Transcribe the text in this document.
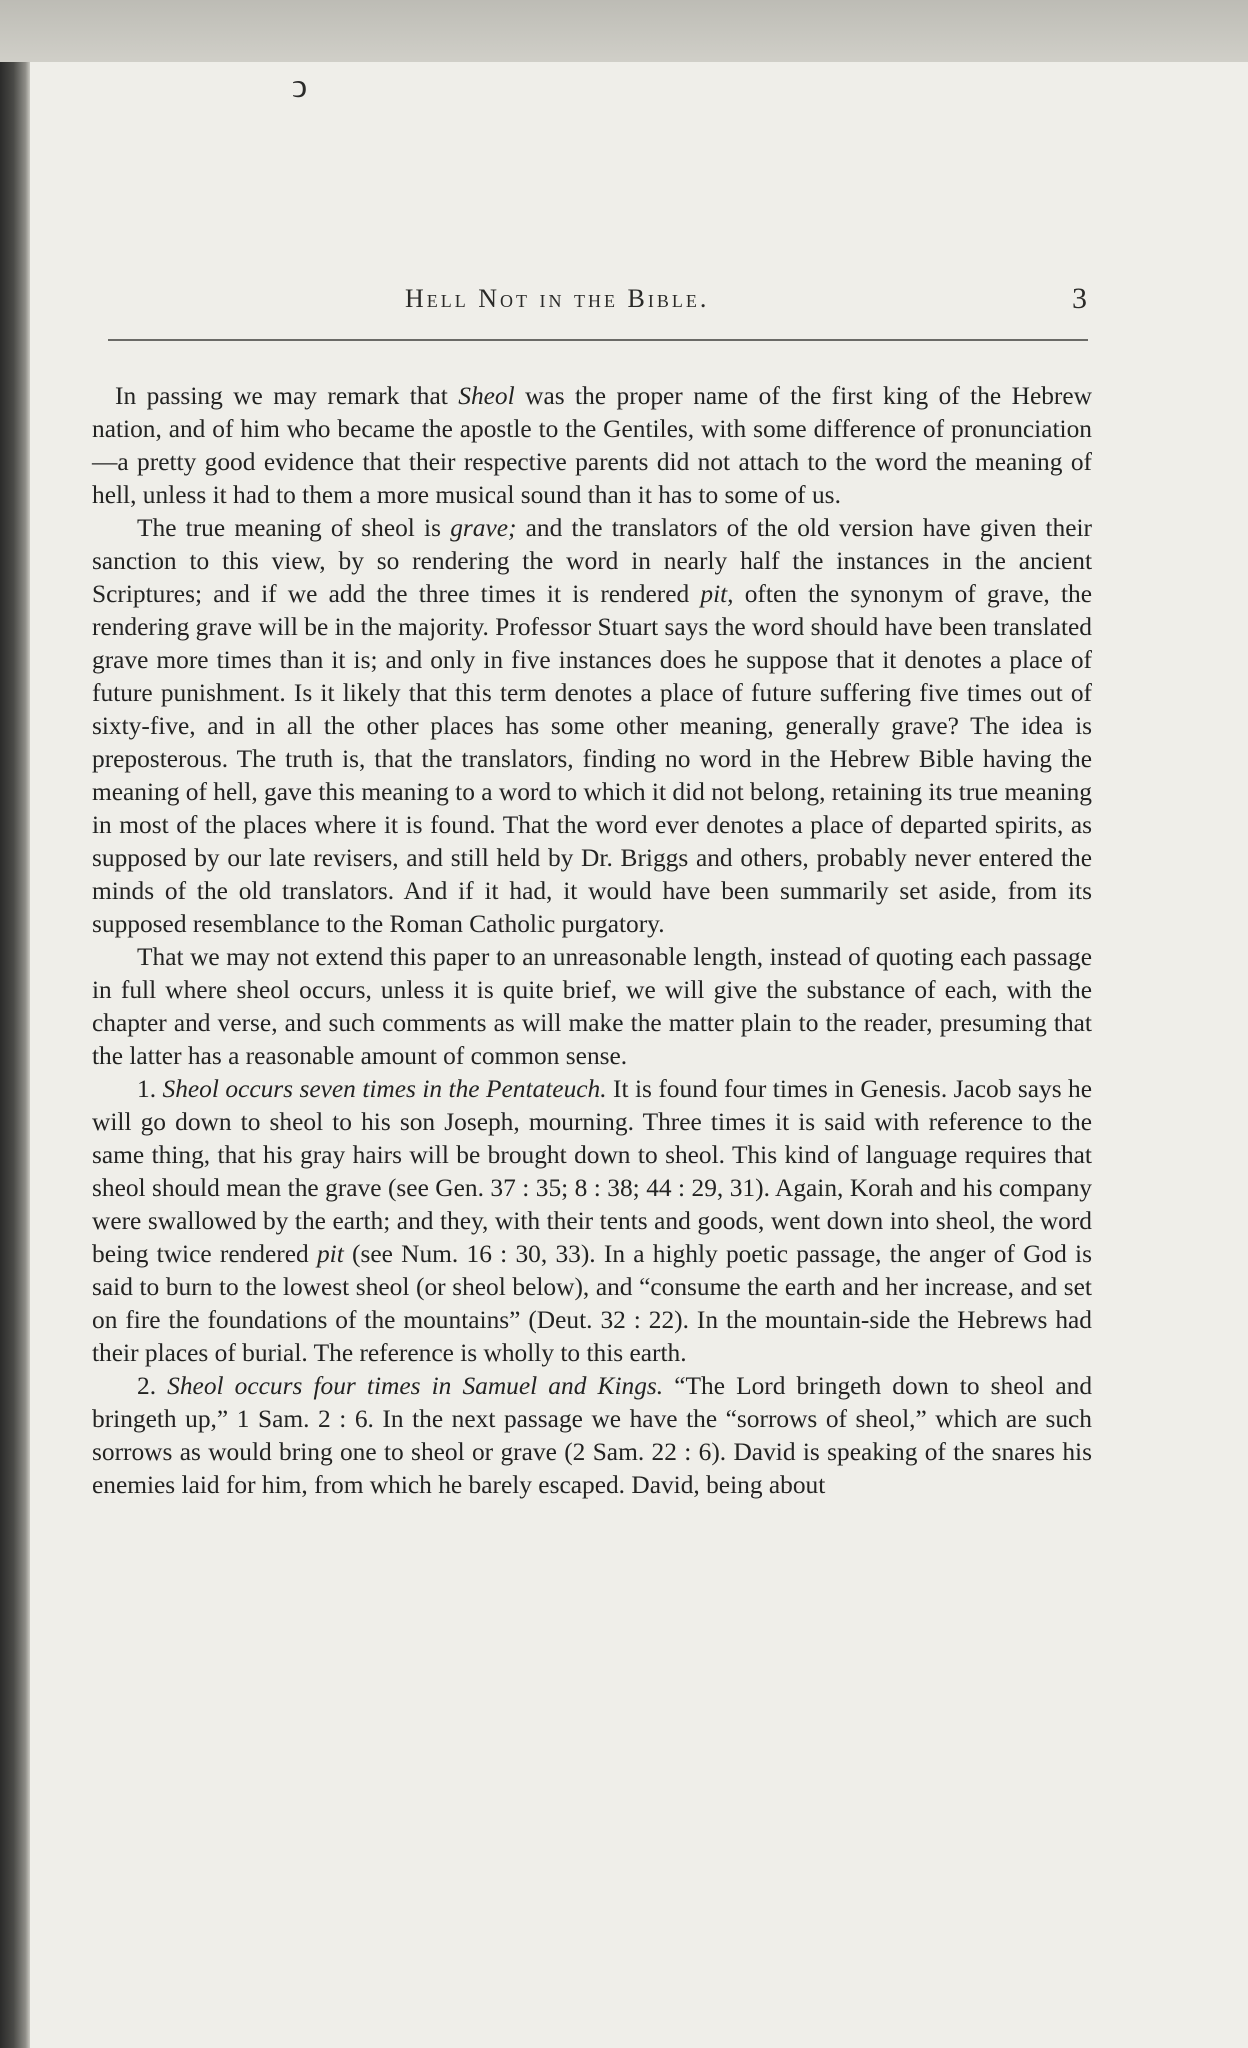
ↄ
Hell Not in the Bible.	3

In passing we may remark that Sheol was the proper name of the first king of the Hebrew nation, and of him who became the apostle to the Gentiles, with some difference of pronunciation—a pretty good evidence that their respective parents did not attach to the word the meaning of hell, unless it had to them a more musical sound than it has to some of us.

The true meaning of sheol is grave; and the translators of the old version have given their sanction to this view, by so rendering the word in nearly half the instances in the ancient Scriptures; and if we add the three times it is rendered pit, often the synonym of grave, the rendering grave will be in the majority. Professor Stuart says the word should have been translated grave more times than it is; and only in five instances does he suppose that it denotes a place of future punishment. Is it likely that this term denotes a place of future suffering five times out of sixty-five, and in all the other places has some other meaning, generally grave? The idea is preposterous. The truth is, that the translators, finding no word in the Hebrew Bible having the meaning of hell, gave this meaning to a word to which it did not belong, retaining its true meaning in most of the places where it is found. That the word ever denotes a place of departed spirits, as supposed by our late revisers, and still held by Dr. Briggs and others, probably never entered the minds of the old translators. And if it had, it would have been summarily set aside, from its supposed resemblance to the Roman Catholic purgatory.

That we may not extend this paper to an unreasonable length, instead of quoting each passage in full where sheol occurs, unless it is quite brief, we will give the substance of each, with the chapter and verse, and such comments as will make the matter plain to the reader, presuming that the latter has a reasonable amount of common sense.

1. Sheol occurs seven times in the Pentateuch. It is found four times in Genesis. Jacob says he will go down to sheol to his son Joseph, mourning. Three times it is said with reference to the same thing, that his gray hairs will be brought down to sheol. This kind of language requires that sheol should mean the grave (see Gen. 37 : 35; 8 : 38; 44 : 29, 31). Again, Korah and his company were swallowed by the earth; and they, with their tents and goods, went down into sheol, the word being twice rendered pit (see Num. 16 : 30, 33). In a highly poetic passage, the anger of God is said to burn to the lowest sheol (or sheol below), and “consume the earth and her increase, and set on fire the foundations of the mountains” (Deut. 32 : 22). In the mountain-side the Hebrews had their places of burial. The reference is wholly to this earth.

2. Sheol occurs four times in Samuel and Kings. “The Lord bringeth down to sheol and bringeth up,” 1 Sam. 2 : 6. In the next passage we have the “sorrows of sheol,” which are such sorrows as would bring one to sheol or grave (2 Sam. 22 : 6). David is speaking of the snares his enemies laid for him, from which he barely escaped. David, being about
